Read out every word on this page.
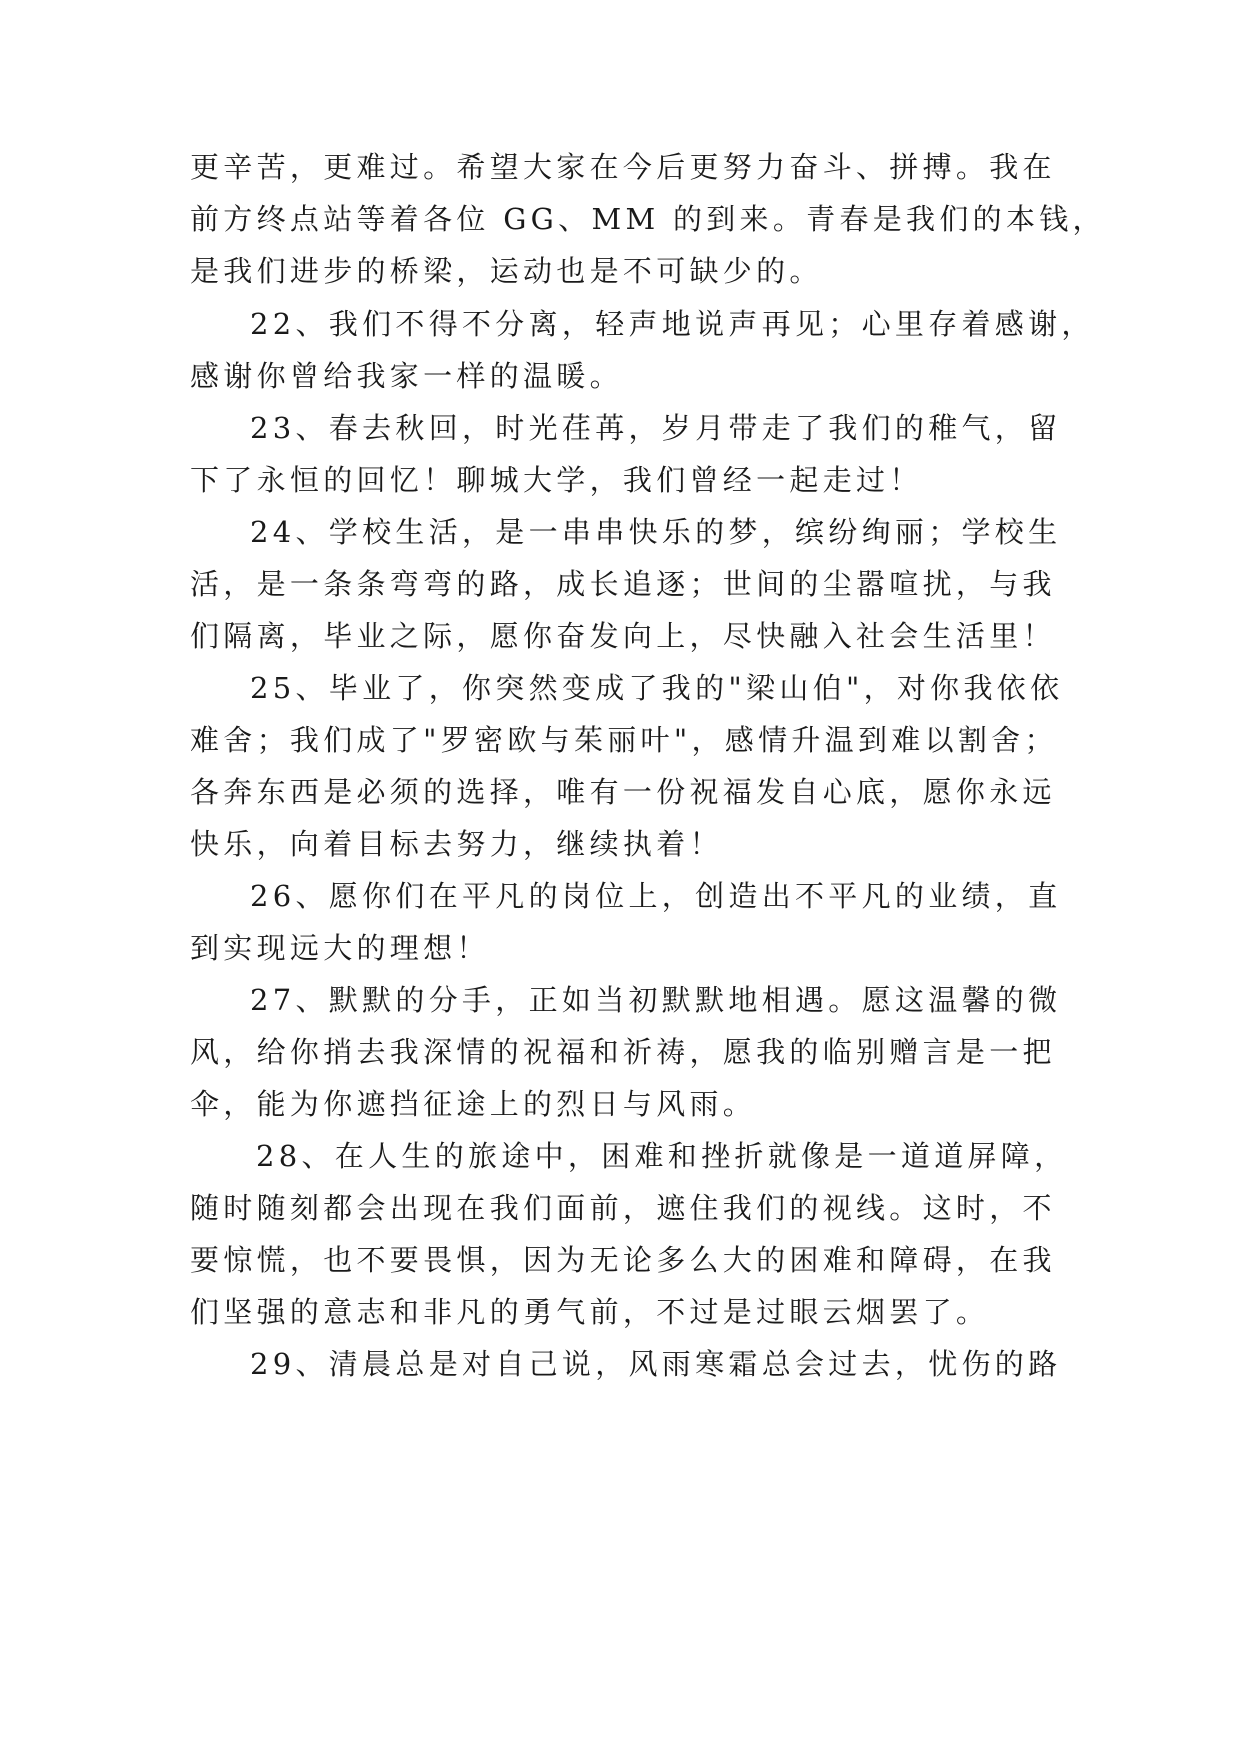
更辛苦，更难过。希望大家在今后更努力奋斗、拼搏。我在
前方终点站等着各位 GG、MM 的到来。青春是我们的本钱，
是我们进步的桥梁，运动也是不可缺少的。
22、我们不得不分离，轻声地说声再见；心里存着感谢，
感谢你曾给我家一样的温暖。
23、春去秋回，时光荏苒，岁月带走了我们的稚气，留
下了永恒的回忆！聊城大学，我们曾经一起走过！
24、学校生活，是一串串快乐的梦，缤纷绚丽；学校生
活，是一条条弯弯的路，成长追逐；世间的尘嚣喧扰，与我
们隔离，毕业之际，愿你奋发向上，尽快融入社会生活里！
25、毕业了，你突然变成了我的"梁山伯"，对你我依依
难舍；我们成了"罗密欧与茱丽叶"，感情升温到难以割舍；
各奔东西是必须的选择，唯有一份祝福发自心底，愿你永远
快乐，向着目标去努力，继续执着！
26、愿你们在平凡的岗位上，创造出不平凡的业绩，直
到实现远大的理想！
27、默默的分手，正如当初默默地相遇。愿这温馨的微
风，给你捎去我深情的祝福和祈祷，愿我的临别赠言是一把
伞，能为你遮挡征途上的烈日与风雨。
28、在人生的旅途中，困难和挫折就像是一道道屏障，
随时随刻都会出现在我们面前，遮住我们的视线。这时，不
要惊慌，也不要畏惧，因为无论多么大的困难和障碍，在我
们坚强的意志和非凡的勇气前，不过是过眼云烟罢了。
29、清晨总是对自己说，风雨寒霜总会过去，忧伤的路
